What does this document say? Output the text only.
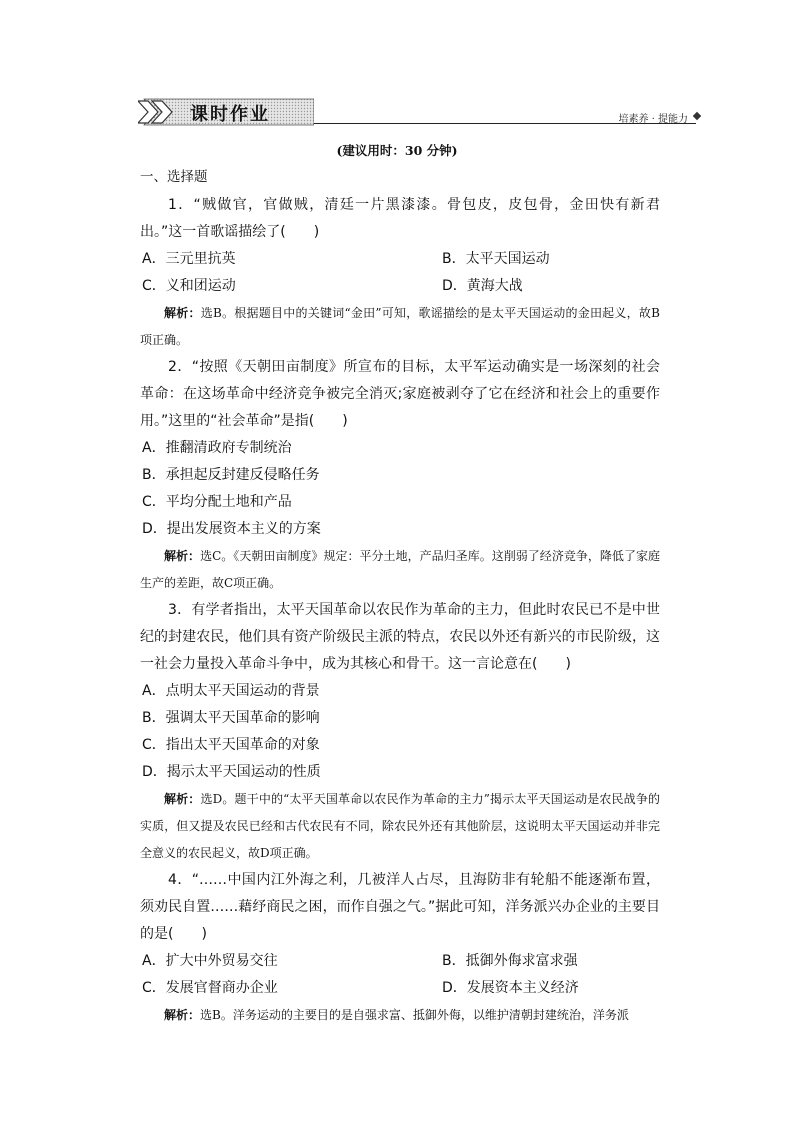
课时作业	培素养 · 提能力
(建议用时：30 分钟)
一、选择题

1．“贼做官，官做贼，清廷一片黑漆漆。骨包皮，皮包骨，金田快有新君出。”这一首歌谣描绘了(　　)

A．三元里抗英	B．太平天国运动
C．义和团运动	D．黄海大战

解析：选B。根据题目中的关键词“金田”可知，歌谣描绘的是太平天国运动的金田起义，故B项正确。

2．“按照《天朝田亩制度》所宣布的目标，太平军运动确实是一场深刻的社会革命：在这场革命中经济竞争被完全消灭;家庭被剥夺了它在经济和社会上的重要作用。”这里的“社会革命”是指(　　)

A．推翻清政府专制统治
B．承担起反封建反侵略任务
C．平均分配土地和产品
D．提出发展资本主义的方案

解析：选C。《天朝田亩制度》规定：平分土地，产品归圣库。这削弱了经济竞争，降低了家庭生产的差距，故C项正确。

3．有学者指出，太平天国革命以农民作为革命的主力，但此时农民已不是中世纪的封建农民，他们具有资产阶级民主派的特点，农民以外还有新兴的市民阶级，这一社会力量投入革命斗争中，成为其核心和骨干。这一言论意在(　　)

A．点明太平天国运动的背景
B．强调太平天国革命的影响
C．指出太平天国革命的对象
D．揭示太平天国运动的性质

解析：选D。题干中的“太平天国革命以农民作为革命的主力”揭示太平天国运动是农民战争的实质，但又提及农民已经和古代农民有不同，除农民外还有其他阶层，这说明太平天国运动并非完全意义的农民起义，故D项正确。

4．“……中国内江外海之利，几被洋人占尽，且海防非有轮船不能逐渐布置，须劝民自置……藉纾商民之困，而作自强之气。”据此可知，洋务派兴办企业的主要目的是(　　)

A．扩大中外贸易交往	B．抵御外侮求富求强
C．发展官督商办企业	D．发展资本主义经济

解析：选B。洋务运动的主要目的是自强求富、抵御外侮，以维护清朝封建统治，洋务派
